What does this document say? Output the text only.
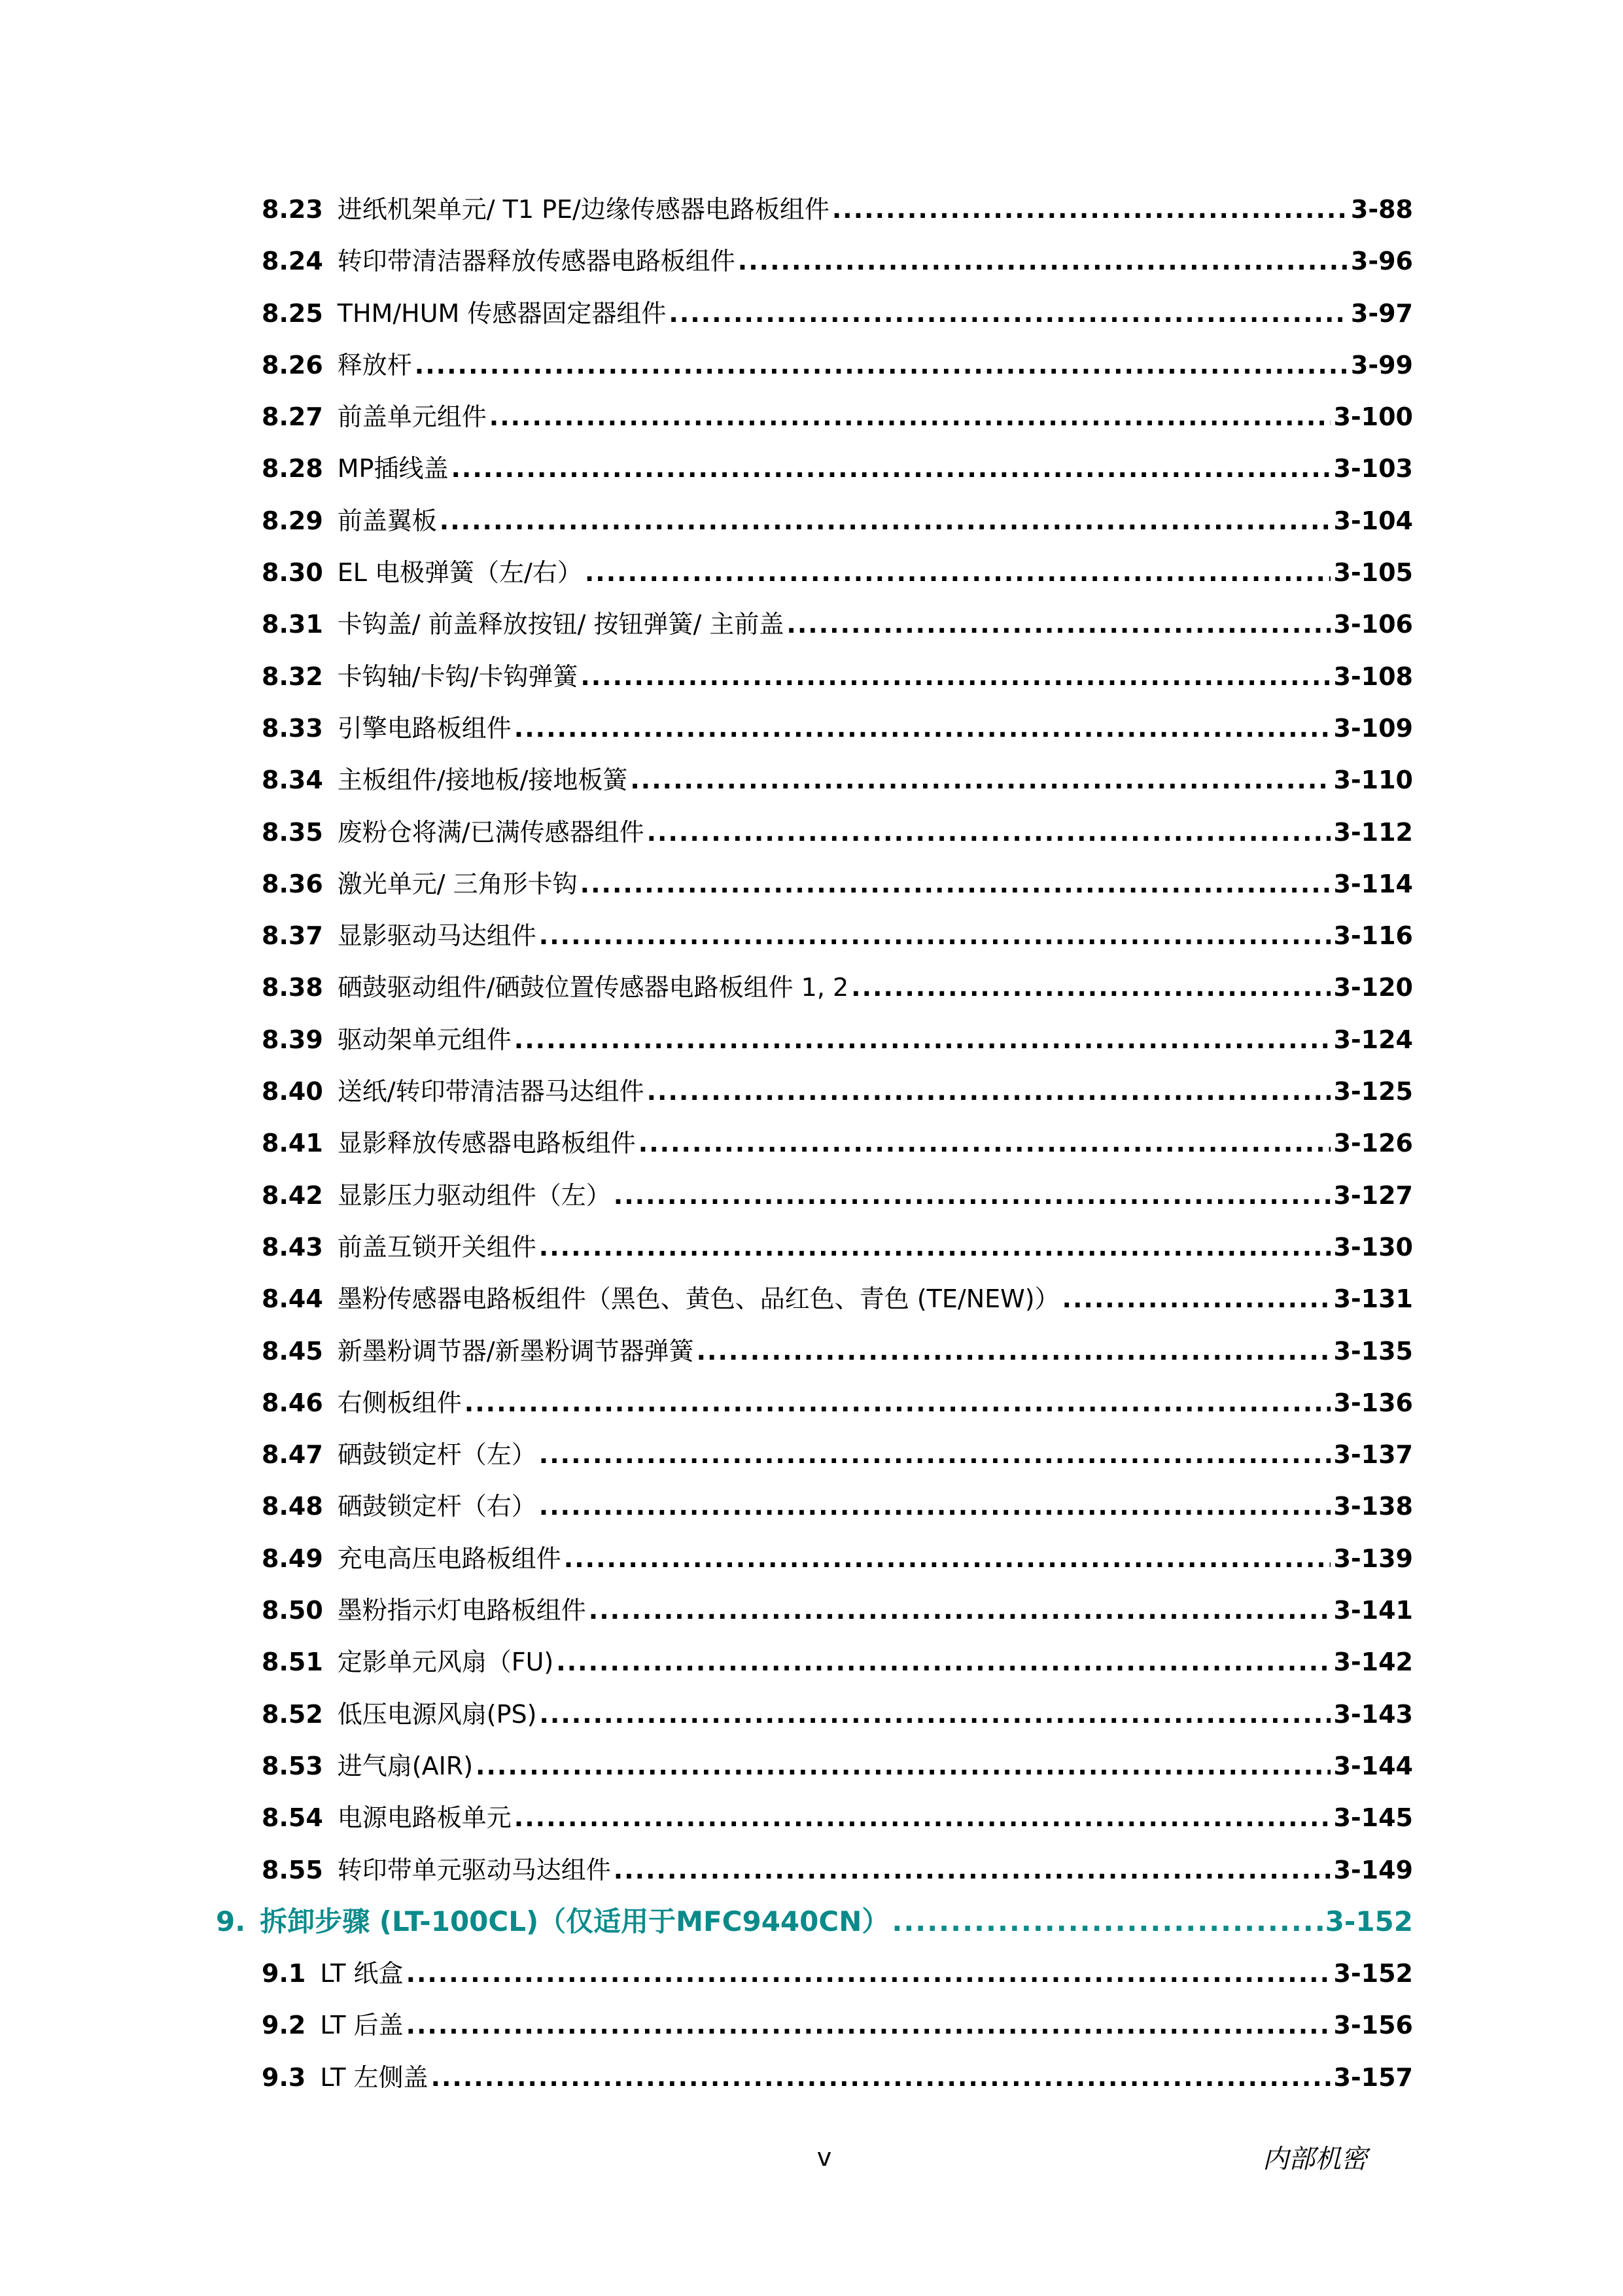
8.23 进纸机架单元/ T1 PE/边缘传感器电路板组件 .....	3-88
8.24 转印带清洁器释放传感器电路板组件 .....	3-96
8.25 THM/HUM 传感器固定器组件 .....	3-97
8.26 释放杆 .....	3-99
8.27 前盖单元组件 .....	3-100
8.28 MP插线盖 .....	3-103
8.29 前盖翼板 .....	3-104
8.30 EL 电极弹簧（左/右） .....	3-105
8.31 卡钩盖/ 前盖释放按钮/ 按钮弹簧/ 主前盖 .....	3-106
8.32 卡钩轴/卡钩/卡钩弹簧 .....	3-108
8.33 引擎电路板组件 .....	3-109
8.34 主板组件/接地板/接地板簧 .....	3-110
8.35 废粉仓将满/已满传感器组件 .....	3-112
8.36 激光单元/ 三角形卡钩 .....	3-114
8.37 显影驱动马达组件 .....	3-116
8.38 硒鼓驱动组件/硒鼓位置传感器电路板组件 1, 2 .....	3-120
8.39 驱动架单元组件 .....	3-124
8.40 送纸/转印带清洁器马达组件 .....	3-125
8.41 显影释放传感器电路板组件 .....	3-126
8.42 显影压力驱动组件（左） .....	3-127
8.43 前盖互锁开关组件 .....	3-130
8.44 墨粉传感器电路板组件（黑色、黄色、品红色、青色 (TE/NEW)） .....	3-131
8.45 新墨粉调节器/新墨粉调节器弹簧 .....	3-135
8.46 右侧板组件 .....	3-136
8.47 硒鼓锁定杆（左） .....	3-137
8.48 硒鼓锁定杆（右） .....	3-138
8.49 充电高压电路板组件 .....	3-139
8.50 墨粉指示灯电路板组件 .....	3-141
8.51 定影单元风扇（FU) .....	3-142
8.52 低压电源风扇(PS) .....	3-143
8.53 进气扇(AIR) .....	3-144
8.54 电源电路板单元 .....	3-145
8.55 转印带单元驱动马达组件 .....	3-149
9. 拆卸步骤 (LT-100CL)（仅适用于MFC9440CN） .....	3-152
9.1 LT 纸盒 .....	3-152
9.2 LT 后盖 .....	3-156
9.3 LT 左侧盖 .....	3-157
v	内部机密
